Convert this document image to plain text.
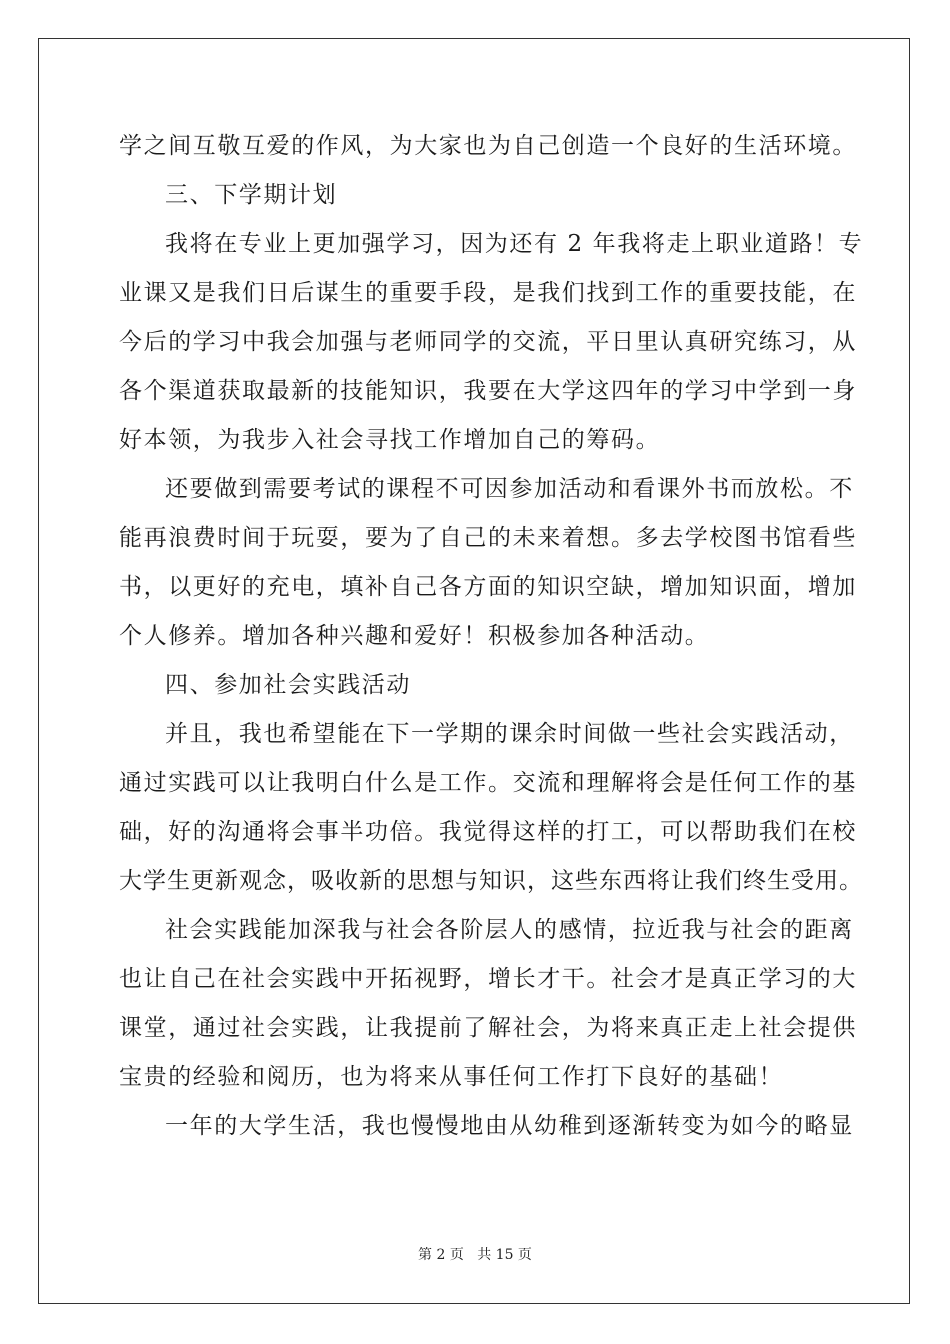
学之间互敬互爱的作风，为大家也为自己创造一个良好的生活环境。
三、下学期计划
我将在专业上更加强学习，因为还有 2 年我将走上职业道路！专
业课又是我们日后谋生的重要手段，是我们找到工作的重要技能，在
今后的学习中我会加强与老师同学的交流，平日里认真研究练习，从
各个渠道获取最新的技能知识，我要在大学这四年的学习中学到一身
好本领，为我步入社会寻找工作增加自己的筹码。
还要做到需要考试的课程不可因参加活动和看课外书而放松。不
能再浪费时间于玩耍，要为了自己的未来着想。多去学校图书馆看些
书，以更好的充电，填补自己各方面的知识空缺，增加知识面，增加
个人修养。增加各种兴趣和爱好！积极参加各种活动。
四、参加社会实践活动
并且，我也希望能在下一学期的课余时间做一些社会实践活动，
通过实践可以让我明白什么是工作。交流和理解将会是任何工作的基
础，好的沟通将会事半功倍。我觉得这样的打工，可以帮助我们在校
大学生更新观念，吸收新的思想与知识，这些东西将让我们终生受用。
社会实践能加深我与社会各阶层人的感情，拉近我与社会的距离
也让自己在社会实践中开拓视野，增长才干。社会才是真正学习的大
课堂，通过社会实践，让我提前了解社会，为将来真正走上社会提供
宝贵的经验和阅历，也为将来从事任何工作打下良好的基础！
一年的大学生活，我也慢慢地由从幼稚到逐渐转变为如今的略显
第 2 页 共 15 页
